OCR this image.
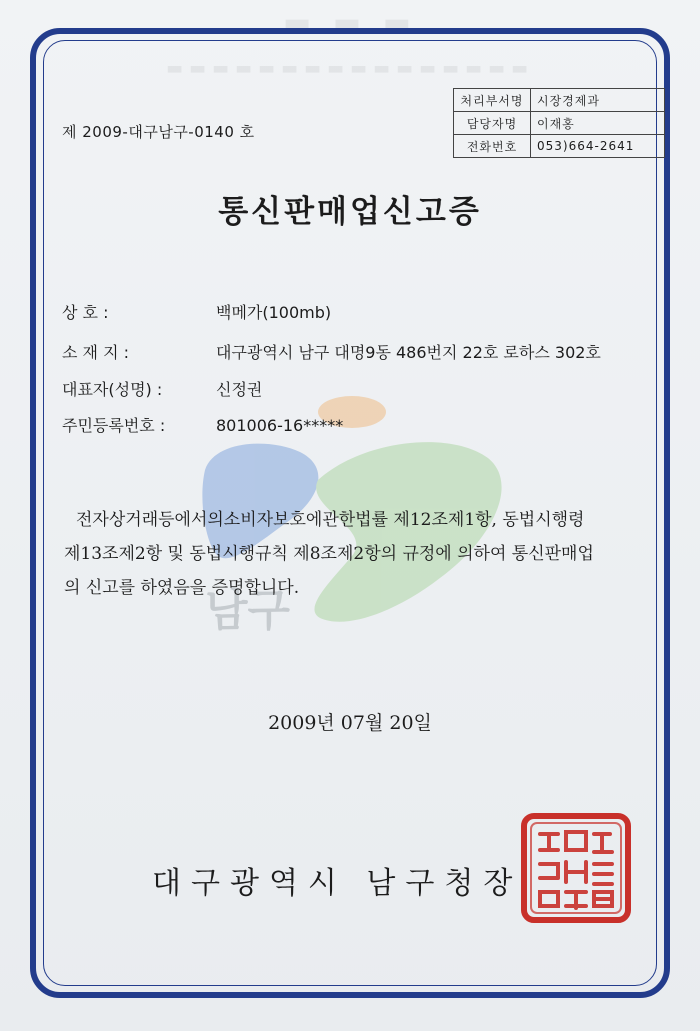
▬ ▬ ▬
▬▬▬▬▬▬▬▬▬▬▬▬▬▬▬▬
제 2009-대구남구-0140 호
처리부서명	시장경제과
담당자명	이재홍
전화번호	053)664-2641
통신판매업신고증
남구
상 호 :	백메가(100mb)
소 재 지 :	대구광역시 남구 대명9동 486번지 22호 로하스 302호
대표자(성명) :	신정권
주민등록번호 :	801006-16*****
전자상거래등에서의소비자보호에관한법률 제12조제1항, 동법시행령
제13조제2항 및 동법시행규칙 제8조제2항의 규정에 의하여 통신판매업
의 신고를 하였음을 증명합니다.
2009년 07월 20일
대구광역시 남구청장
